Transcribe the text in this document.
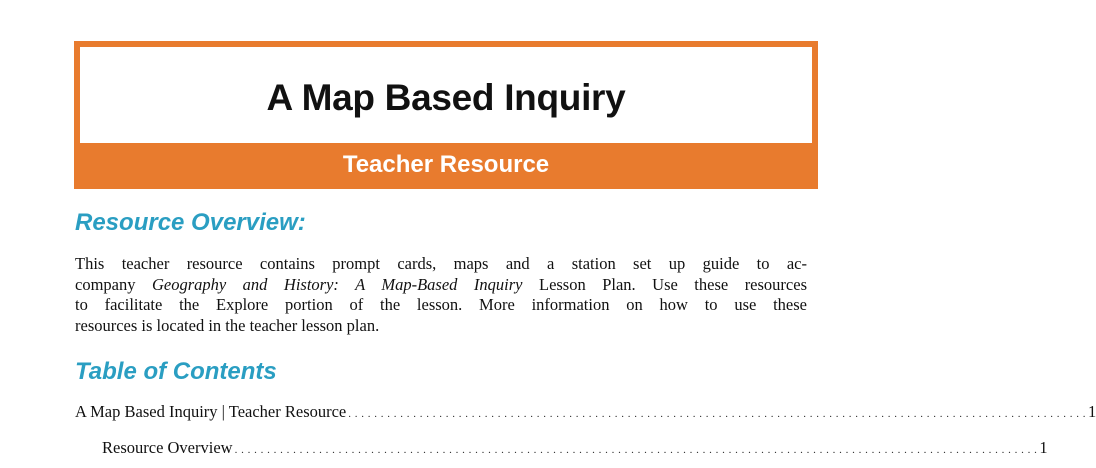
A Map Based Inquiry
Teacher Resource
Resource Overview:
This teacher resource contains prompt cards, maps and a station set up guide to ac-
company Geography and History: A Map-Based Inquiry Lesson Plan. Use these resources
to facilitate the Explore portion of the lesson. More information on how to use these
resources is located in the teacher lesson plan.
Table of Contents
A Map Based Inquiry | Teacher Resource . . . . . . . . . . . . . . . . . . . . . . . . . . . . . . . . . . . . . . . . . . . . . . . . . . . . . . . . . . . . . . . . . . . . . . . . . . . . . . . . . . . . . . . . . . . . . . . . . . . . . . . . . . . . . . . . . . 1
Resource Overview . . . . . . . . . . . . . . . . . . . . . . . . . . . . . . . . . . . . . . . . . . . . . . . . . . . . . . . . . . . . . . . . . . . . . . . . . . . . . . . . . . . . . . . . . . . . . . . . . . . . . . . . . . . . . . . . . . . . . . . . . . . . 1
